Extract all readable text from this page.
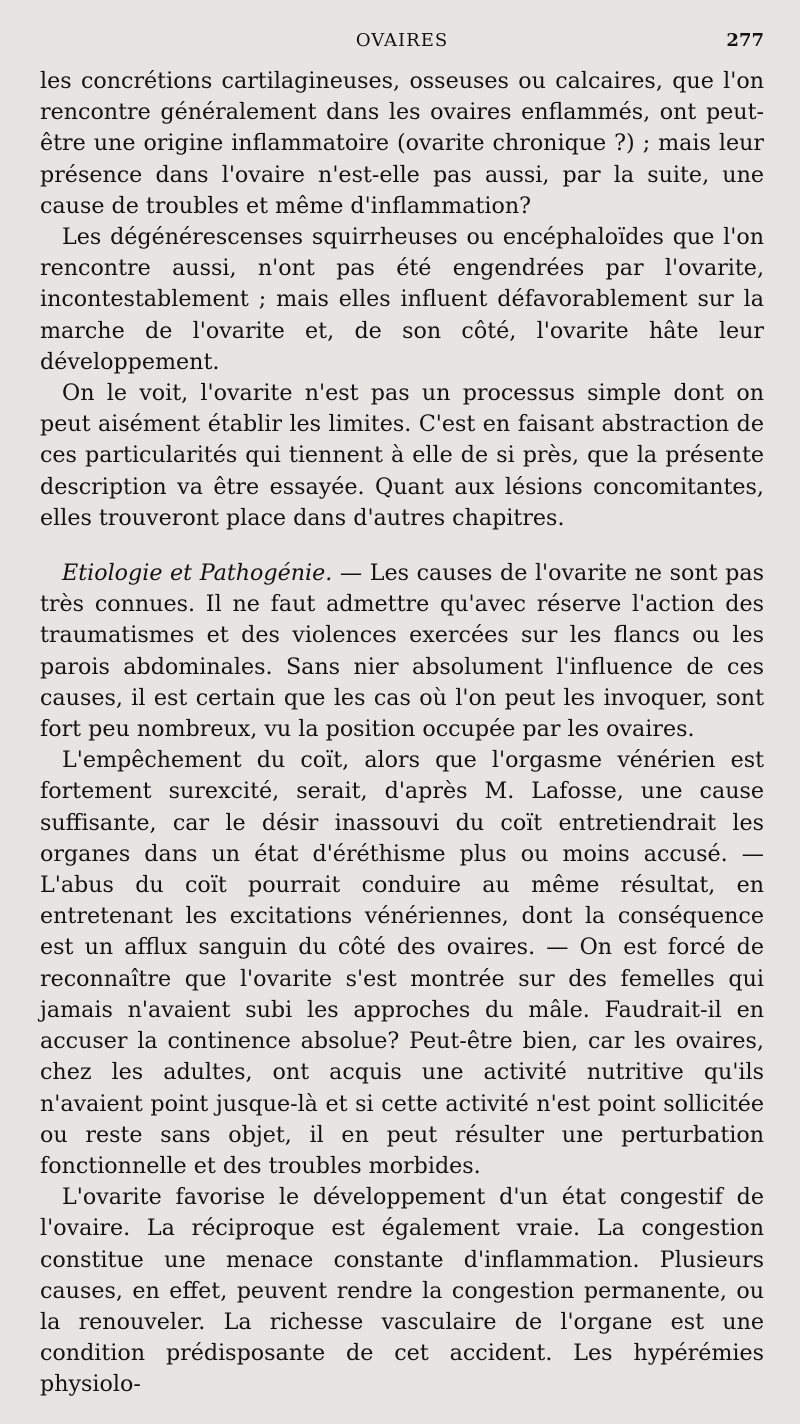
OVAIRES	277

les concrétions cartilagineuses, osseuses ou calcaires, que l'on rencontre généralement dans les ovaires enflammés, ont peut-être une origine inflammatoire (ovarite chronique ?) ; mais leur présence dans l'ovaire n'est-elle pas aussi, par la suite, une cause de troubles et même d'inflammation?

Les dégénérescenses squirrheuses ou encéphaloïdes que l'on rencontre aussi, n'ont pas été engendrées par l'ovarite, incontestablement ; mais elles influent défavorablement sur la marche de l'ovarite et, de son côté, l'ovarite hâte leur développement.

On le voit, l'ovarite n'est pas un processus simple dont on peut aisément établir les limites. C'est en faisant abstraction de ces particularités qui tiennent à elle de si près, que la présente description va être essayée. Quant aux lésions concomitantes, elles trouveront place dans d'autres chapitres.

Etiologie et Pathogénie. — Les causes de l'ovarite ne sont pas très connues. Il ne faut admettre qu'avec réserve l'action des traumatismes et des violences exercées sur les flancs ou les parois abdominales. Sans nier absolument l'influence de ces causes, il est certain que les cas où l'on peut les invoquer, sont fort peu nombreux, vu la position occupée par les ovaires.

L'empêchement du coït, alors que l'orgasme vénérien est fortement surexcité, serait, d'après M. Lafosse, une cause suffisante, car le désir inassouvi du coït entretiendrait les organes dans un état d'éréthisme plus ou moins accusé. — L'abus du coït pourrait conduire au même résultat, en entretenant les excitations vénériennes, dont la conséquence est un afflux sanguin du côté des ovaires. — On est forcé de reconnaître que l'ovarite s'est montrée sur des femelles qui jamais n'avaient subi les approches du mâle. Faudrait-il en accuser la continence absolue? Peut-être bien, car les ovaires, chez les adultes, ont acquis une activité nutritive qu'ils n'avaient point jusque-là et si cette activité n'est point sollicitée ou reste sans objet, il en peut résulter une perturbation fonctionnelle et des troubles morbides.

L'ovarite favorise le développement d'un état congestif de l'ovaire. La réciproque est également vraie. La congestion constitue une menace constante d'inflammation. Plusieurs causes, en effet, peuvent rendre la congestion permanente, ou la renouveler. La richesse vasculaire de l'organe est une condition prédisposante de cet accident. Les hypérémies physiolo-
